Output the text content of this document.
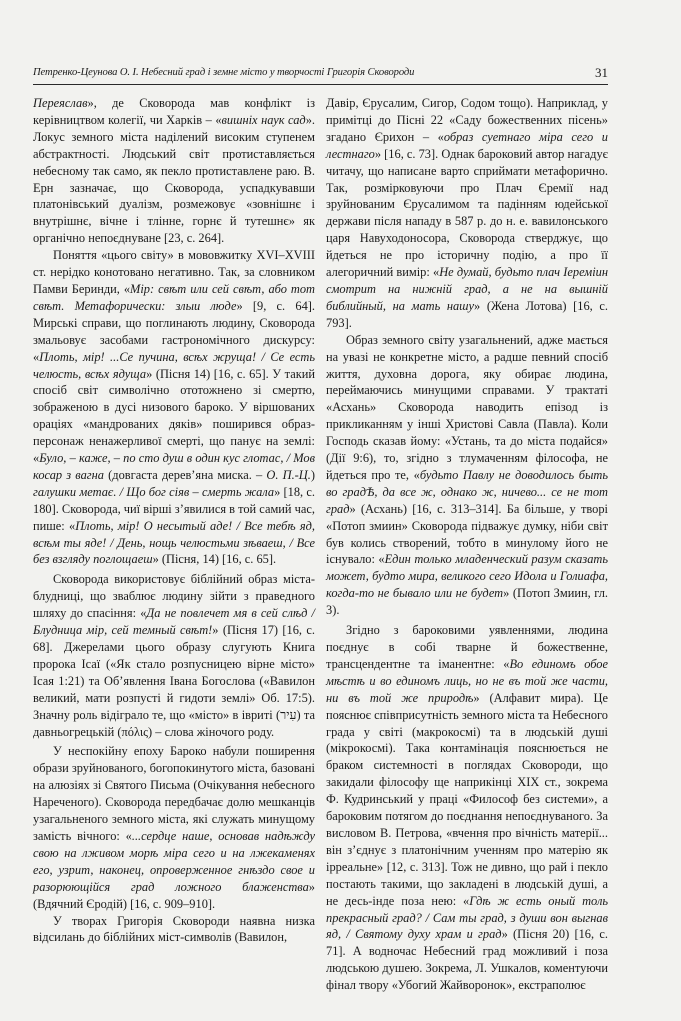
Петренко-Цеунова О. І. Небесний град і земне місто у творчості Григорія Сковороди	31

Переяслав», де Сковорода мав конфлікт із керівництвом колегії, чи Харків – «вишніх наук сад». Локус земного міста наділений високим ступенем абстрактності. Людський світ протиставляється небесному так само, як пекло протиставлене раю. В. Ерн зазначає, що Сковорода, успадкувавши платонівський дуалізм, розмежовує «зовнішнє і внутрішнє, вічне і тлінне, горнє й тутешнє» як органічно непоєднуване [23, с. 264].

Поняття «цього світу» в мововжитку XVI–XVIII ст. нерідко конотовано негативно. Так, за словником Памви Беринди, «Мір: свѣт или сей свѣт, або тот свѣт. Метафорически: злыи люде» [9, с. 64]. Мирські справи, що поглинають людину, Сковорода змальовує засобами гастрономічного дискурсу: «Плоть, мір! ...Се пучина, всѣх жруща! / Се есть челюсть, всѣх ядуща» (Пісня 14) [16, с. 65]. У такий спосіб світ символічно ототожнено зі смертю, зображеною в дусі низового бароко. У віршованих ораціях «мандрованих дяків» поширився образ-персонаж ненажерливої смерті, що панує на землі: «Було, – каже, – по сто душ в один кус глотас, / Мов косар з вагна (довгаста дерев’яна миска. – О. П.-Ц.) галушки метає. / Що бог сіяв – смерть жала» [18, с. 180]. Сковорода, чиї вірші з’явилися в той самий час, пише: «Плоть, мір! О несытый аде! / Все тебѣ яд, всѣм ты яде! / День, нощь челюстьми зѣваеш, / Все без взгляду поглощаеш» (Пісня, 14) [16, с. 65].

Сковорода використовує біблійний образ міста-блудниці, що зваблює людину зійти з праведного шляху до спасіння: «Да не повлечет мя в сей слѣд / Блудница мір, сей темный свѣт!» (Пісня 17) [16, с. 68]. Джерелами цього образу слугують Книга пророка Ісаї («Як стало розпусницею вірне місто» Ісая 1:21) та Об’явлення Івана Богослова («Вавилон великий, мати розпусті й гидоти землі» Об. 17:5). Значну роль відіграло те, що «місто» в івриті (עִיר) та давньогрецькій (πόλις) – слова жіночого роду.

У неспокійну епоху Бароко набули поширення образи зруйнованого, богопокинутого міста, базовані на алюзіях зі Святого Письма (Очікування небесного Нареченого). Сковорода передбачає долю мешканців узагальненого земного міста, які служать минущому замість вічного: «...сердце наше, основав надѣжду свою на лживом морѣ міра сего и на лжекаменях его, узрит, наконец, опроверженное гнѣздо свое и разорюющійся град ложного блаженства» (Вдячний Єродій) [16, с. 909–910].

У творах Григорія Сковороди наявна низка відсилань до біблійних міст-символів (Вавилон,

Давір, Єрусалим, Сигор, Содом тощо). Наприклад, у примітці до Пісні 22 «Саду божественних пісень» згадано Єрихон – «образ суетнаго міра сего и лестнаго» [16, с. 73]. Однак бароковий автор нагадує читачу, що написане варто сприймати метафорично. Так, розмірковуючи про Плач Єремії над зруйнованим Єрусалимом та падінням юдейської держави після нападу в 587 р. до н. е. вавилонського царя Навуходоносора, Сковорода стверджує, що йдеться не про історичну подію, а про її алегоричний вимір: «Не думай, будьто плач Іереміин смотрит на нижній град, а не на вышній библийный, на мать нашу» (Жена Лотова) [16, с. 793].

Образ земного світу узагальнений, адже мається на увазі не конкретне місто, а радше певний спосіб життя, духовна дорога, яку обирає людина, переймаючись минущими справами. У трактаті «Асхань» Сковорода наводить епізод із прикликанням у інші Христові Савла (Павла). Коли Господь сказав йому: «Устань, та до міста подайся» (Дії 9:6), то, згідно з тлумаченням філософа, не йдеться про те, «будьто Павлу не доводилось быть во градѢ, да все ж, однако ж, ничево... се не тот град» (Асхань) [16, с. 313–314]. Ба більше, у творі «Потоп змиин» Сковорода підважує думку, ніби світ був колись створений, тобто в минулому його не існувало: «Един только младенческий разум сказать может, будто мира, великого сего Идола и Голиафа, когда-то не бывало или не будет» (Потоп Змиин, гл. 3).

Згідно з бароковими уявленнями, людина поєднує в собі тварне й божественне, трансцендентне та іманентне: «Во единомъ обое мѣстѣ и во единомъ лиць, но не въ той же части, ни въ той же природѣ» (Алфавит мира). Це пояснює співприсутність земного міста та Небесного града у світі (макрокосмі) та в людській душі (мікрокосмі). Така контамінація пояснюється не браком системності в поглядах Сковороди, що закидали філософу ще наприкінці XIX ст., зокрема Ф. Кудринський у праці «Философ без системи», а бароковим потягом до поєднання непоєднуваного. За висловом В. Петрова, «вчення про вічність матерії... він з’єднує з платонічним ученням про матерію як ірреальне» [12, с. 313]. Тож не дивно, що рай і пекло постають такими, що закладені в людській душі, а не десь-інде поза нею: «Гдѣ ж есть оный толь прекрасный град? / Сам ты град, з души вон выгнав яд, / Святому духу храм и град» (Пісня 20) [16, с. 71]. А водночас Небесний град можливий і поза людською душею. Зокрема, Л. Ушкалов, коментуючи фінал твору «Убогий Жайворонок», екстраполює
